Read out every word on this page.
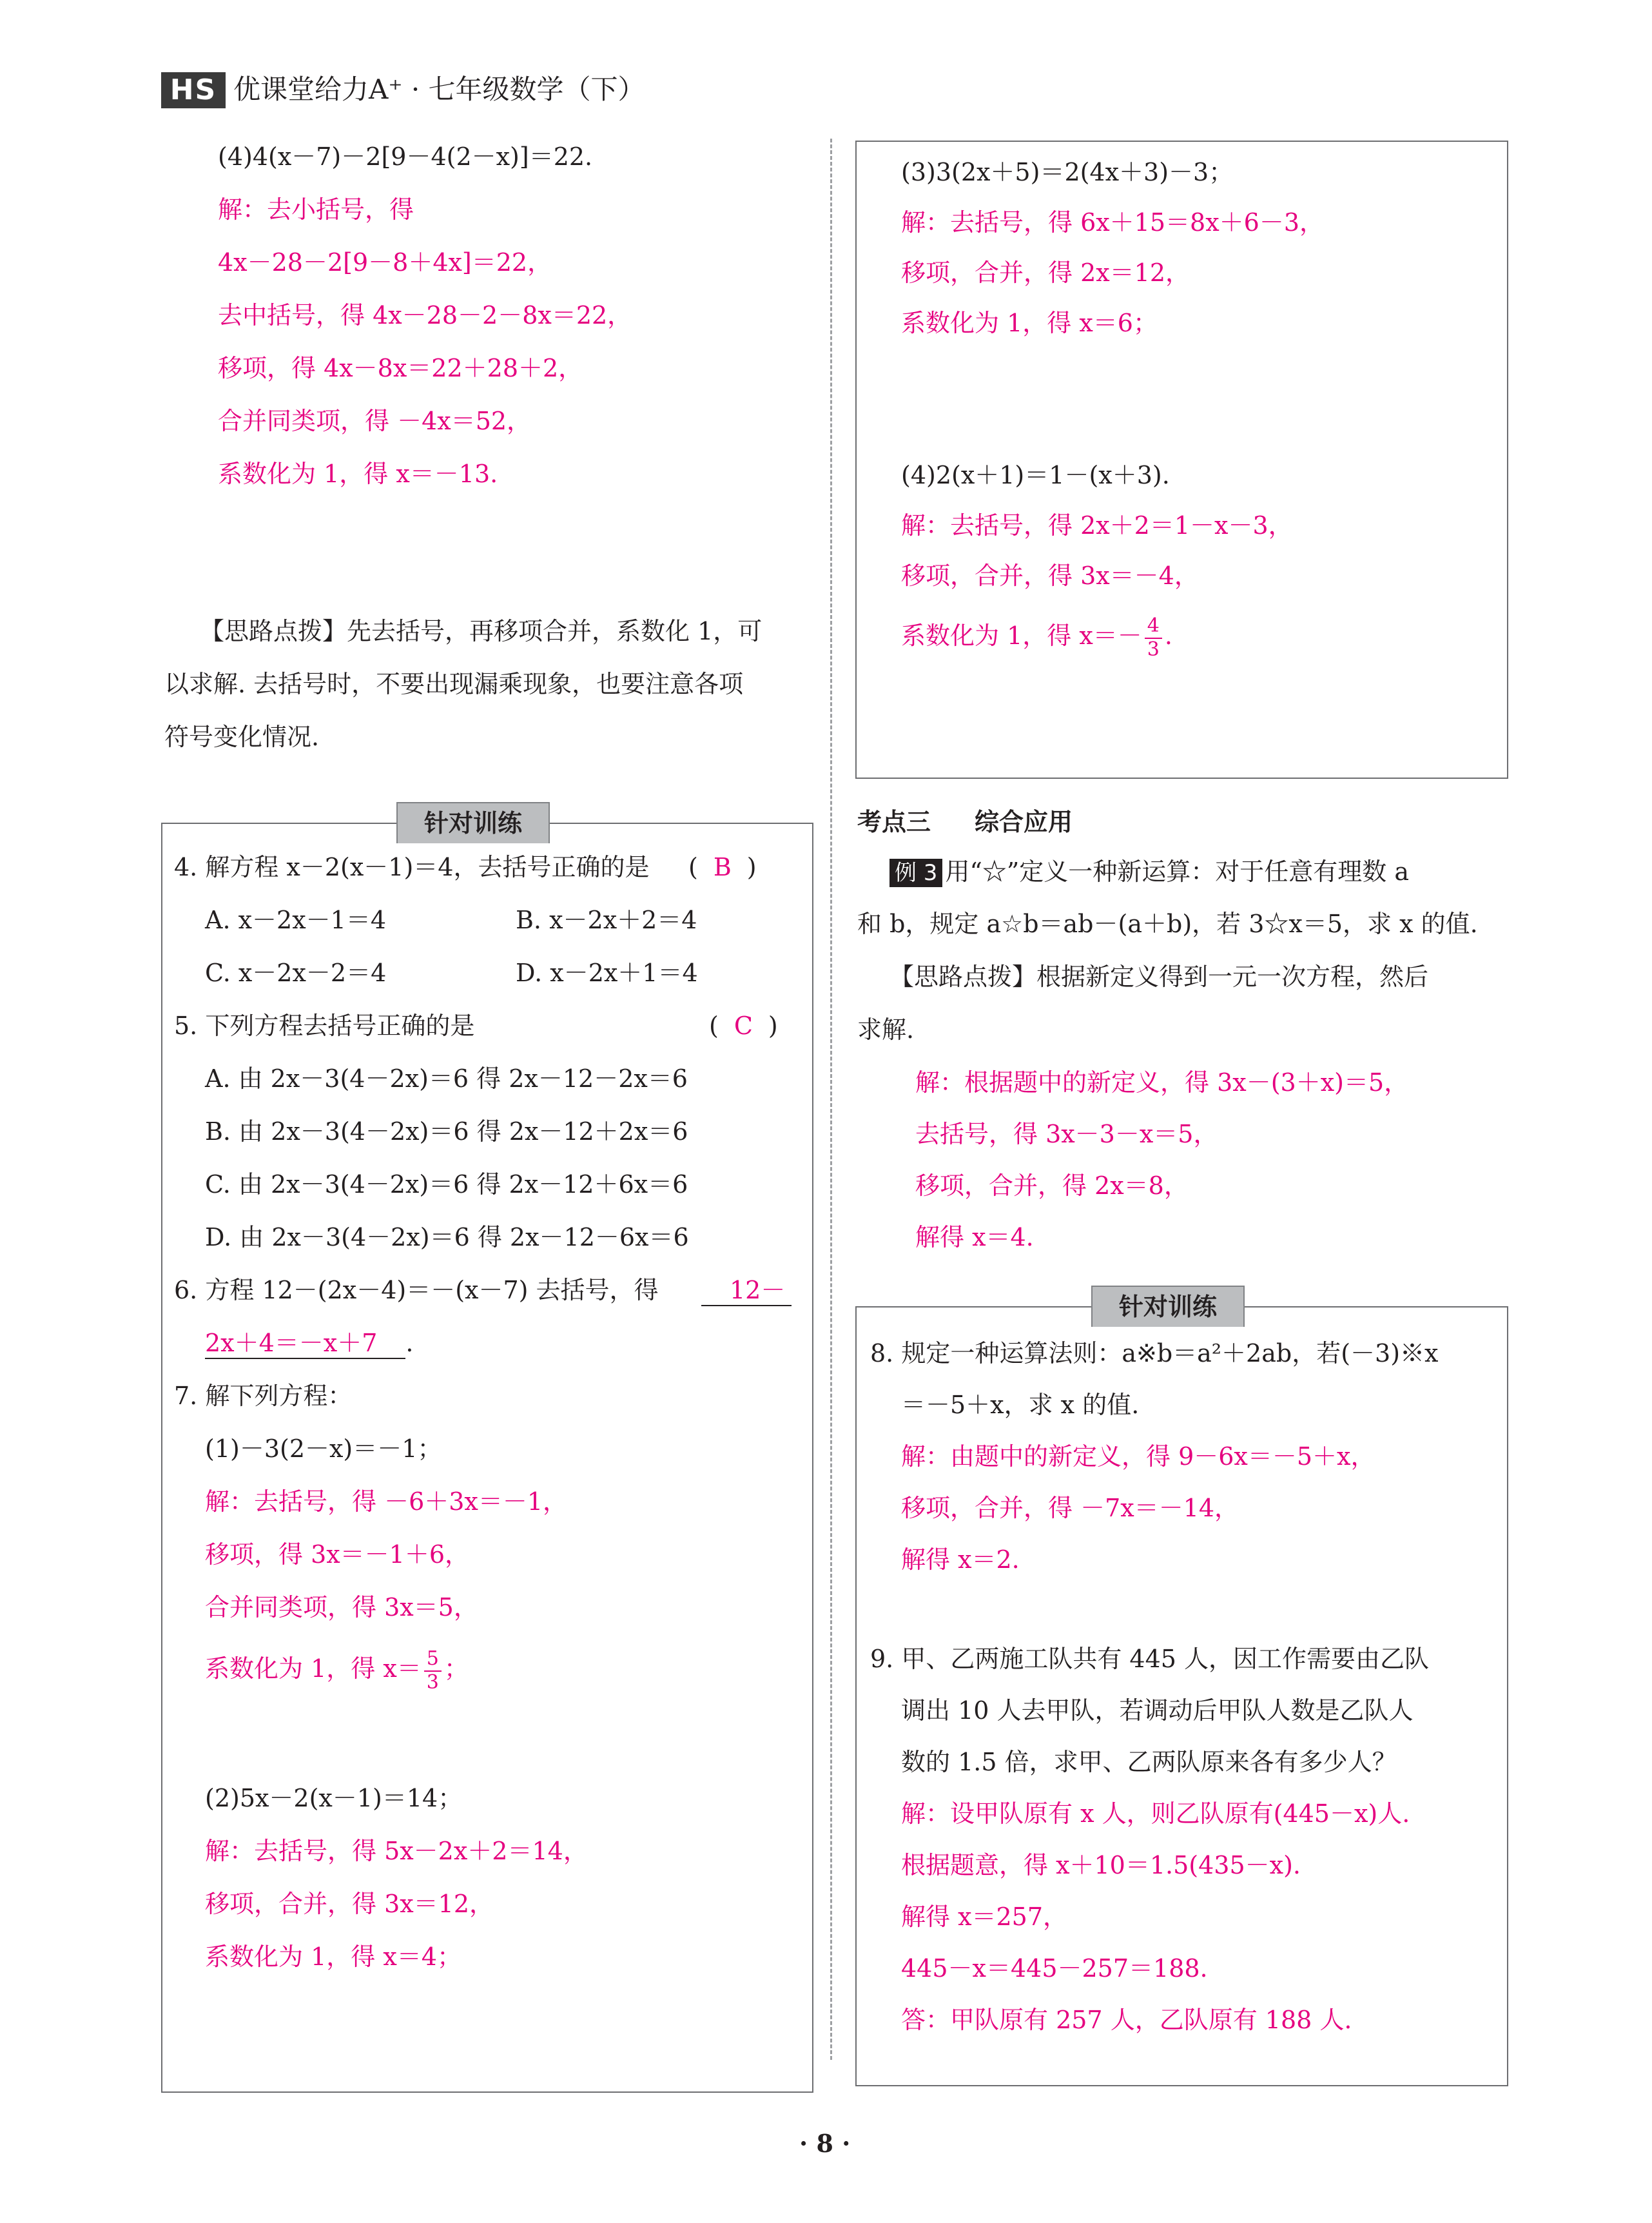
HS 优课堂给力A⁺ · 七年级数学（下）
(4)4(x－7)－2[9－4(2－x)]＝22.
解：去小括号，得
4x－28－2[9－8＋4x]＝22，
去中括号，得 4x－28－2－8x＝22，
移项，得 4x－8x＝22＋28＋2，
合并同类项，得 －4x＝52，
系数化为 1，得 x＝－13.
【思路点拨】先去括号，再移项合并，系数化 1，可
以求解. 去括号时，不要出现漏乘现象，也要注意各项
符号变化情况.
针对训练
4. 解方程 x－2(x－1)＝4，去括号正确的是 ( B )
A. x－2x－1＝4	B. x－2x＋2＝4
C. x－2x－2＝4	D. x－2x＋1＝4
5. 下列方程去括号正确的是	( C )
A. 由 2x－3(4－2x)＝6 得 2x－12－2x＝6
B. 由 2x－3(4－2x)＝6 得 2x－12＋2x＝6
C. 由 2x－3(4－2x)＝6 得 2x－12＋6x＝6
D. 由 2x－3(4－2x)＝6 得 2x－12－6x＝6
6. 方程 12－(2x－4)＝－(x－7) 去括号，得	12－
2x＋4＝－x＋7 .
7. 解下列方程：
(1)－3(2－x)＝－1；
解：去括号，得 －6＋3x＝－1，
移项，得 3x＝－1＋6，
合并同类项，得 3x＝5，
系数化为 1，得 $x= \frac{5}{3}$ ；
(2)5x－2(x－1)＝14；
解：去括号，得 5x－2x＋2＝14，
移项，合并，得 3x＝12，
系数化为 1，得 x＝4；
(3)3(2x＋5)＝2(4x＋3)－3；
解：去括号，得 6x＋15＝8x＋6－3，
移项，合并，得 2x＝12，
系数化为 1，得 x＝6；
(4)2(x＋1)＝1－(x＋3).
解：去括号，得 2x＋2＝1－x－3，
移项，合并，得 3x＝－4，
系数化为 1，得 $x=- \frac{4}{3}$ .
考点三 综合应用
例 3 用“☆”定义一种新运算：对于任意有理数 a
和 b，规定 a☆b＝ab－(a＋b)，若 3☆x＝5，求 x 的值.
【思路点拨】根据新定义得到一元一次方程，然后
求解.
解：根据题中的新定义，得 3x－(3＋x)＝5，
去括号，得 3x－3－x＝5，
移项，合并，得 2x＝8，
解得 x＝4.
针对训练
8. 规定一种运算法则：a※b＝a²＋2ab，若(－3)※x
＝－5＋x，求 x 的值.
解：由题中的新定义，得 9－6x＝－5＋x，
移项，合并，得 －7x＝－14，
解得 x＝2.
9. 甲、乙两施工队共有 445 人，因工作需要由乙队
调出 10 人去甲队，若调动后甲队人数是乙队人
数的 1.5 倍，求甲、乙两队原来各有多少人？
解：设甲队原有 x 人，则乙队原有(445－x)人.
根据题意，得 x＋10＝1.5(435－x).
解得 x＝257，
445－x＝445－257＝188.
答：甲队原有 257 人，乙队原有 188 人.
· 8 ·
